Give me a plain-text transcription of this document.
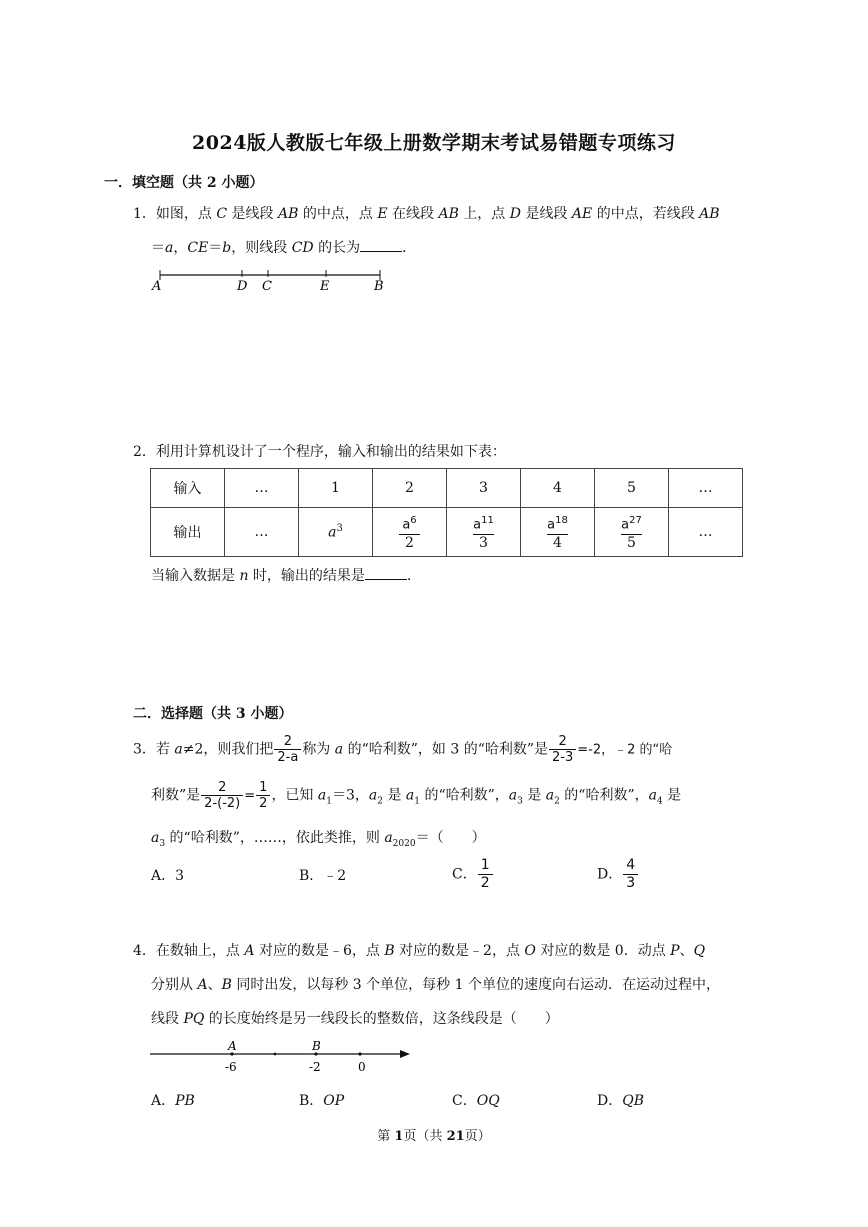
2024版人教版七年级上册数学期末考试易错题专项练习
一．填空题（共 2 小题）
1．如图，点 C 是线段 AB 的中点，点 E 在线段 AB 上，点 D 是线段 AE 的中点，若线段 AB
＝a，CE＝b，则线段 CD 的长为	．
A	D C	E	B
2．利用计算机设计了一个程序，输入和输出的结果如下表：
输入	…	1	2	3	4	5	…
输出	…	$a^3$	$\frac{a^6}{2}$	$\frac{a^{11}}{3}$	$\frac{a^{18}}{4}$	$\frac{a^{27}}{5}$	…
当输入数据是 n 时，输出的结果是	．
二．选择题（共 3 小题）
3．若 a≠2，则我们把 $\frac{2}{2-a}$ 称为 a 的“哈利数”，如 3 的“哈利数”是 $\frac{2}{2-3} =-2$，﹣2 的“哈
利数”是 $\frac{2}{2-(-2)} = \frac{1}{2}$ ，已知 $a_1=3$，$a_2$ 是 $a_1$ 的“哈利数”，$a_3$ 是 $a_2$ 的“哈利数”，$a_4$ 是
$a_3$ 的“哈利数”，……，依此类推，则 $a_{2020}=$（　　）
A．3	B．﹣2	C． $\frac{1}{2}$	D． $\frac{4}{3}$
4．在数轴上，点 A 对应的数是﹣6，点 B 对应的数是﹣2，点 O 对应的数是 0．动点 P、Q
分别从 A、B 同时出发，以每秒 3 个单位，每秒 1 个单位的速度向右运动．在运动过程中，
线段 PQ 的长度始终是另一线段长的整数倍，这条线段是（　　）
A	B
-6	-2	0
A．PB	B．OP	C．OQ	D．QB
第 1页（共 21页）
